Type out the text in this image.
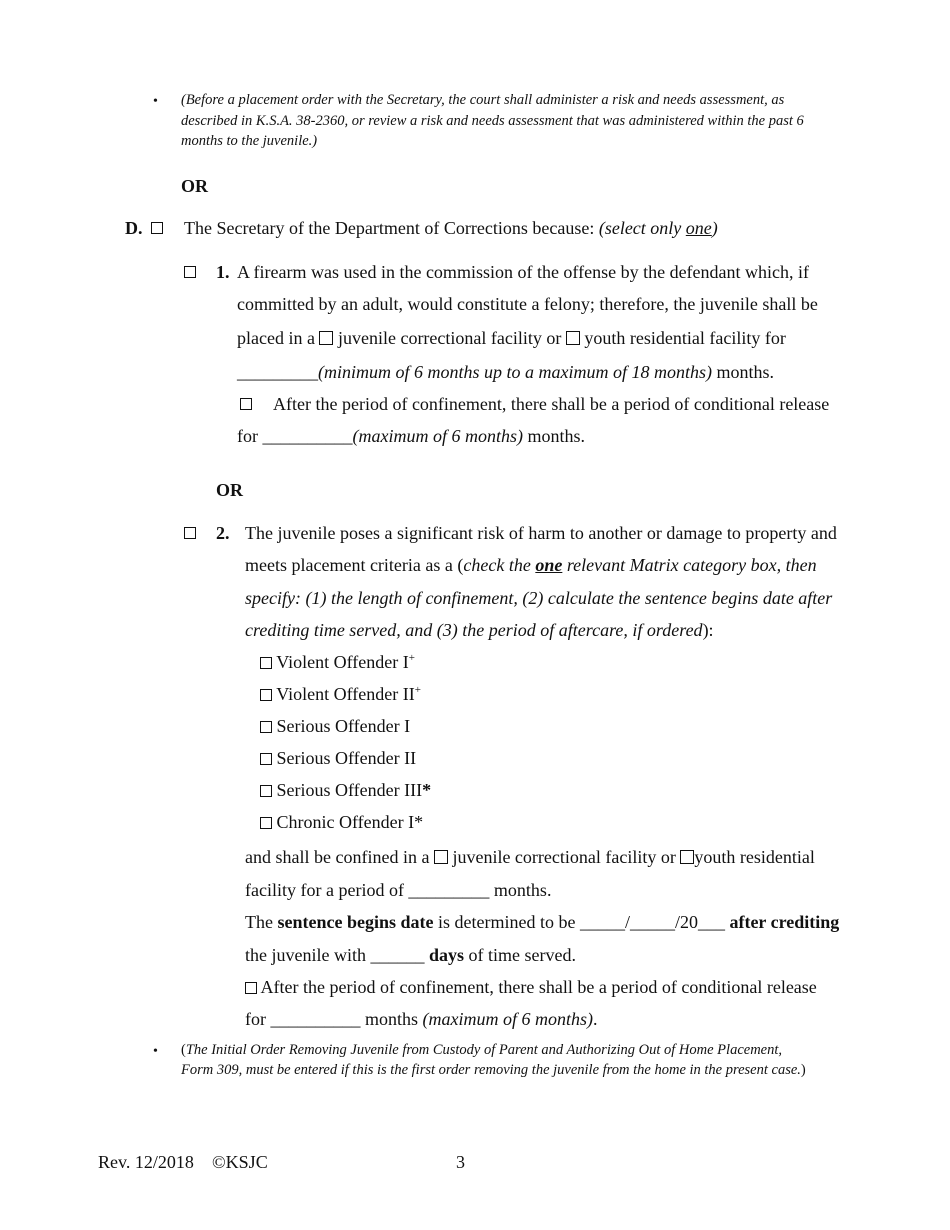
• (Before a placement order with the Secretary, the court shall administer a risk and needs assessment, as
described in K.S.A. 38-2360, or review a risk and needs assessment that was administered within the past 6
months to the juvenile.)
OR
D. The Secretary of the Department of Corrections because: (select only one)
1. A firearm was used in the commission of the offense by the defendant which, if
committed by an adult, would constitute a felony; therefore, the juvenile shall be
placed in a  juvenile correctional facility or  youth residential facility for
_________(minimum of 6 months up to a maximum of 18 months) months.
After the period of confinement, there shall be a period of conditional release
for __________(maximum of 6 months) months.
OR
2. The juvenile poses a significant risk of harm to another or damage to property and
meets placement criteria as a (check the one relevant Matrix category box, then
specify: (1) the length of confinement, (2) calculate the sentence begins date after
crediting time served, and (3) the period of aftercare, if ordered):
Violent Offender I+
Violent Offender II+
Serious Offender I
Serious Offender II
Serious Offender III*
Chronic Offender I*
and shall be confined in a  juvenile correctional facility or youth residential
facility for a period of _________ months.
The sentence begins date is determined to be _____/_____/20___ after crediting
the juvenile with ______ days of time served.
After the period of confinement, there shall be a period of conditional release
for __________ months (maximum of 6 months).
• (The Initial Order Removing Juvenile from Custody of Parent and Authorizing Out of Home Placement,
Form 309, must be entered if this is the first order removing the juvenile from the home in the present case.)
Rev. 12/2018 ©KSJC	3
